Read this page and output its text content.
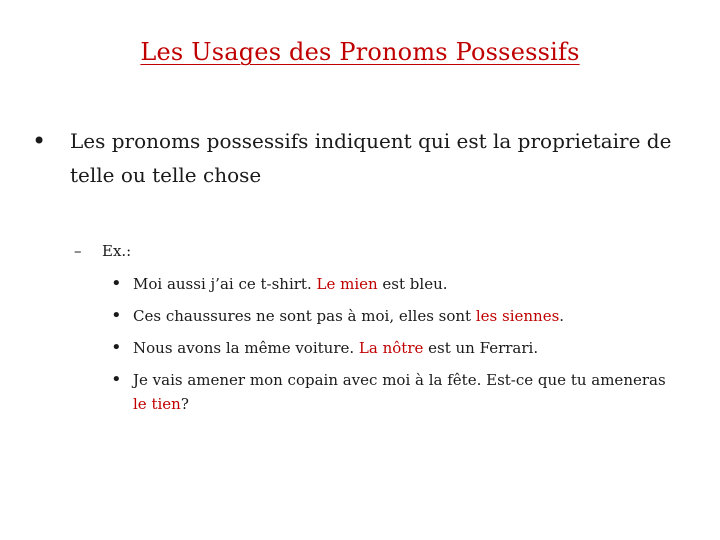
Les Usages des Pronoms Possessifs
•	Les pronoms possessifs indiquent qui est la proprietaire de telle ou telle chose
–	Ex.:
• Moi aussi j’ai ce t-shirt. Le mien est bleu.
• Ces chaussures ne sont pas à moi, elles sont les siennes.
• Nous avons la même voiture. La nôtre est un Ferrari.
• Je vais amener mon copain avec moi à la fête. Est-ce que tu ameneras le tien?
